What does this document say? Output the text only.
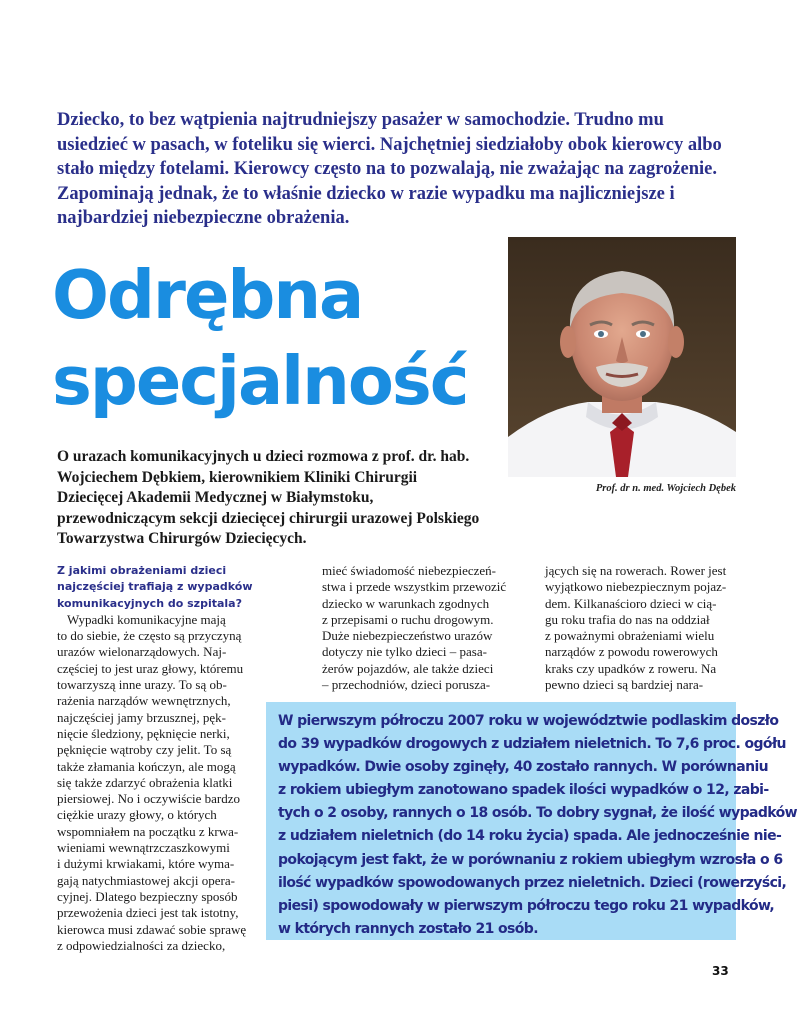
Dziecko, to bez wątpienia najtrudniejszy pasażer w samochodzie. Trudno mu usiedzieć w pasach, w foteliku się wierci. Najchętniej siedziałoby obok kierowcy albo stało między fotelami. Kierowcy często na to pozwalają, nie zważając na zagrożenie. Zapominają jednak, że to właśnie dziecko w razie wypadku ma najliczniejsze i najbardziej niebezpieczne obrażenia.

Odrębna
specjalność

Prof. dr n. med. Wojciech Dębek

O urazach komunikacyjnych u dzieci rozmowa z prof. dr. hab. Wojciechem Dębkiem, kierownikiem Kliniki Chirurgii Dziecięcej Akademii Medycznej w Białymstoku, przewodniczącym sekcji dziecięcej chirurgii urazowej Polskiego Towarzystwa Chirurgów Dziecięcych.

Z jakimi obrażeniami dzieci
najczęściej trafiają z wypadków
komunikacyjnych do szpitala?
Wypadki komunikacyjne mają
to do siebie, że często są przyczyną
urazów wielonarządowych. Naj-
częściej to jest uraz głowy, któremu
towarzyszą inne urazy. To są ob-
rażenia narządów wewnętrznych,
najczęściej jamy brzusznej, pęk-
nięcie śledziony, pęknięcie nerki,
pęknięcie wątroby czy jelit. To są
także złamania kończyn, ale mogą
się także zdarzyć obrażenia klatki
piersiowej. No i oczywiście bardzo
ciężkie urazy głowy, o których
wspomniałem na początku z krwa-
wieniami wewnątrzczaszkowymi
i dużymi krwiakami, które wyma-
gają natychmiastowej akcji opera-
cyjnej. Dlatego bezpieczny sposób
przewożenia dzieci jest tak istotny,
kierowca musi zdawać sobie sprawę
z odpowiedzialności za dziecko,
mieć świadomość niebezpieczeń-
stwa i przede wszystkim przewozić
dziecko w warunkach zgodnych
z przepisami o ruchu drogowym.
Duże niebezpieczeństwo urazów
dotyczy nie tylko dzieci – pasa-
żerów pojazdów, ale także dzieci
– przechodniów, dzieci porusza-
jących się na rowerach. Rower jest
wyjątkowo niebezpiecznym pojaz-
dem. Kilkanaścioro dzieci w cią-
gu roku trafia do nas na oddział
z poważnymi obrażeniami wielu
narządów z powodu rowerowych
kraks czy upadków z roweru. Na
pewno dzieci są bardziej nara-

W pierwszym półroczu 2007 roku w województwie podlaskim doszło
do 39 wypadków drogowych z udziałem nieletnich. To 7,6 proc. ogółu
wypadków. Dwie osoby zginęły, 40 zostało rannych. W porównaniu
z rokiem ubiegłym zanotowano spadek ilości wypadków o 12, zabi-
tych o 2 osoby, rannych o 18 osób. To dobry sygnał, że ilość wypadków
z udziałem nieletnich (do 14 roku życia) spada. Ale jednocześnie nie-
pokojącym jest fakt, że w porównaniu z rokiem ubiegłym wzrosła o 6
ilość wypadków spowodowanych przez nieletnich. Dzieci (rowerzyści,
piesi) spowodowały w pierwszym półroczu tego roku 21 wypadków,
w których rannych zostało 21 osób.

33
